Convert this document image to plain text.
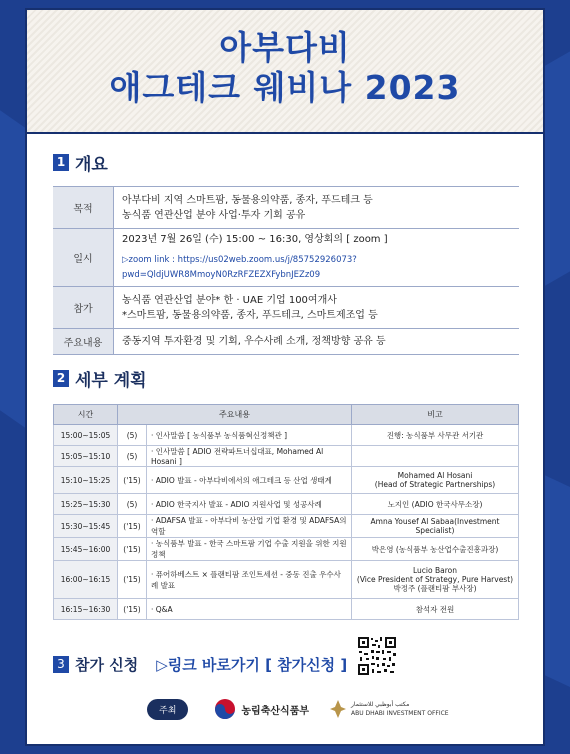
아부다비
애그테크 웨비나 2023
1 개요
목적	아부다비 지역 스마트팜, 동물용의약품, 종자, 푸드테크 등
농식품 연관산업 분야 사업·투자 기회 공유

일시	2023년 7월 26일 (수) 15:00 ~ 16:30, 영상회의 [ zoom ]
▷zoom link : https://us02web.zoom.us/j/85752926073?pwd=QldjUWR8MmoyN0RzRFZEZXFybnJEZz09

참가	농식품 연관산업 분야* 한 · UAE 기업 100여개사
*스마트팜, 동물용의약품, 종자, 푸드테크, 스마트제조업 등

주요내용	중동지역 투자환경 및 기회, 우수사례 소개, 정책방향 공유 등
2 세부 계획
시간	주요내용		비고
15:00~15:05	(5)	· 인사말씀 [ 농식품부 농식품혁신정책관 ]	진행: 농식품부 사무관 서기관
15:05~15:10	(5)	· 인사말씀 [ ADIO 전략파트너십대표, Mohamed Al Hosani ]	
15:10~15:25	('15)	· ADIO 발표 - 아부다비에서의 애그테크 등 산업 생태계	Mohamed Al Hosani
(Head of Strategic Partnerships)
15:25~15:30	(5)	· ADIO 한국지사 발표 - ADIO 지원사업 및 성공사례	노지인 (ADIO 한국사무소장)
15:30~15:45	('15)	· ADAFSA 발표 - 아부다비 농산업 기업 환경 및 ADAFSA의 역할	Amna Yousef Al Sabaa(Investment Specialist)
15:45~16:00	('15)	· 농식품부 발표 - 한국 스마트팜 기업 수출 지원을 위한 지원정책	박은영 (농식품부 농산업수출진흥과장)
16:00~16:15	('15)	· 퓨어하베스트 × 플랜티팜 조인트세션 - 중동 진출 우수사례 발표	Lucio Baron
(Vice President of Strategy, Pure Harvest)
박정주 (플랜티팜 부사장)
16:15~16:30	('15)	· Q&A	참석자 전원
3 참가 신청 ▷링크 바로가기 [ 참가신청 ]
주최	농림축산식품부
مكتب أبوظبي للاستثمار
ABU DHABI INVESTMENT OFFICE
